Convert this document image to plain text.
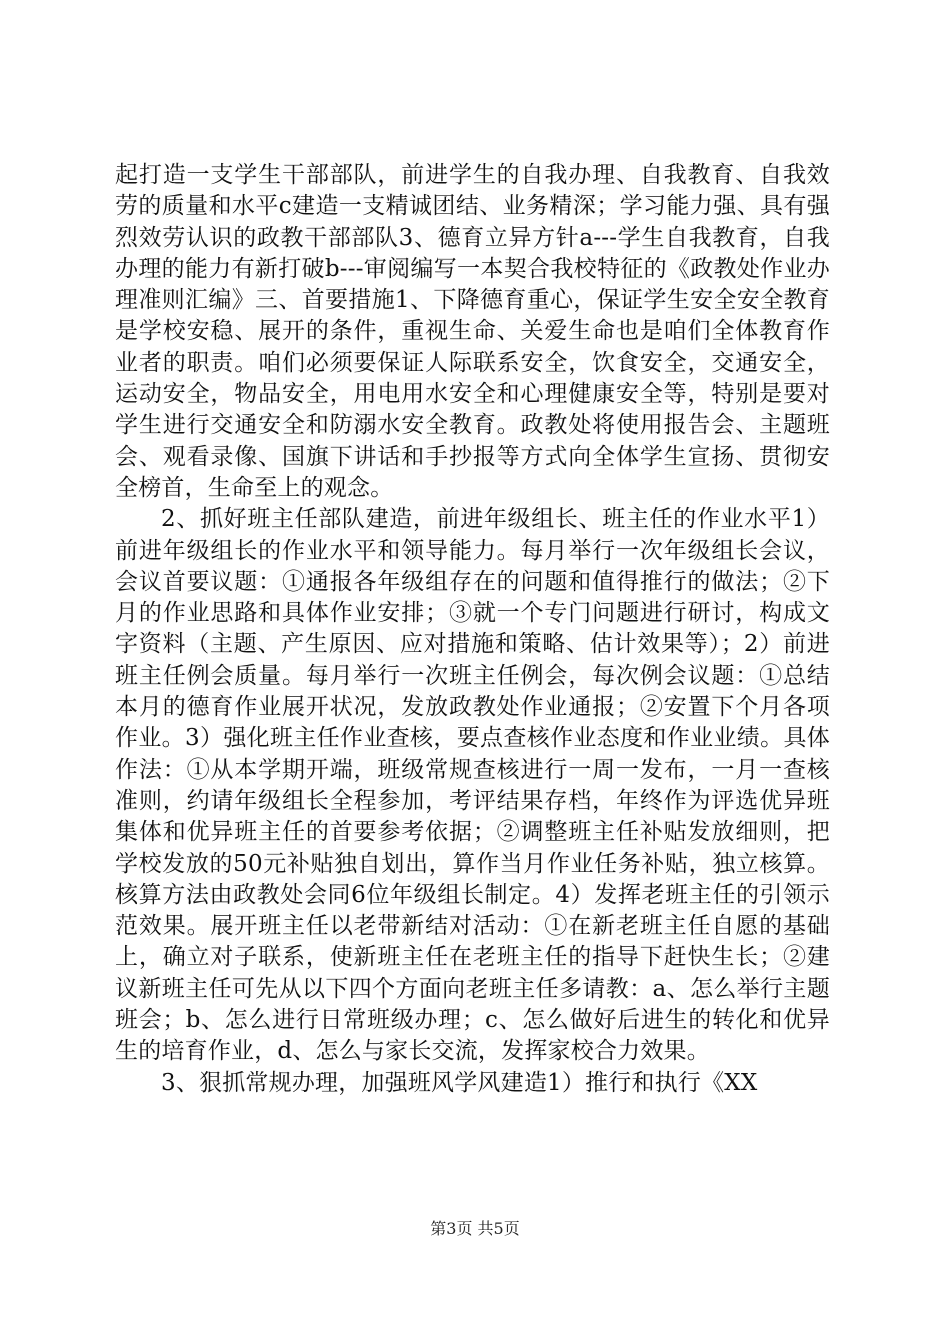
起打造一支学生干部部队，前进学生的自我办理、自我教育、自我效劳的质量和水平c建造一支精诚团结、业务精深；学习能力强、具有强烈效劳认识的政教干部部队3、德育立异方针a---学生自我教育，自我办理的能力有新打破b---审阅编写一本契合我校特征的《政教处作业办理准则汇编》三、首要措施1、下降德育重心，保证学生安全安全教育是学校安稳、展开的条件，重视生命、关爱生命也是咱们全体教育作业者的职责。咱们必须要保证人际联系安全，饮食安全，交通安全，运动安全，物品安全，用电用水安全和心理健康安全等，特别是要对学生进行交通安全和防溺水安全教育。政教处将使用报告会、主题班会、观看录像、国旗下讲话和手抄报等方式向全体学生宣扬、贯彻安全榜首，生命至上的观念。

2、抓好班主任部队建造，前进年级组长、班主任的作业水平1）前进年级组长的作业水平和领导能力。每月举行一次年级组长会议，会议首要议题：①通报各年级组存在的问题和值得推行的做法；②下月的作业思路和具体作业安排；③就一个专门问题进行研讨，构成文字资料（主题、产生原因、应对措施和策略、估计效果等）；2）前进班主任例会质量。每月举行一次班主任例会，每次例会议题：①总结本月的德育作业展开状况，发放政教处作业通报；②安置下个月各项作业。3）强化班主任作业查核，要点查核作业态度和作业业绩。具体作法：①从本学期开端，班级常规查核进行一周一发布，一月一查核准则，约请年级组长全程参加，考评结果存档，年终作为评选优异班集体和优异班主任的首要参考依据；②调整班主任补贴发放细则，把学校发放的50元补贴独自划出，算作当月作业任务补贴，独立核算。核算方法由政教处会同6位年级组长制定。4）发挥老班主任的引领示范效果。展开班主任以老带新结对活动：①在新老班主任自愿的基础上，确立对子联系，使新班主任在老班主任的指导下赶快生长；②建议新班主任可先从以下四个方面向老班主任多请教：a、怎么举行主题班会；b、怎么进行日常班级办理；c、怎么做好后进生的转化和优异生的培育作业，d、怎么与家长交流，发挥家校合力效果。

3、狠抓常规办理，加强班风学风建造1）推行和执行《XX

第3页 共5页
